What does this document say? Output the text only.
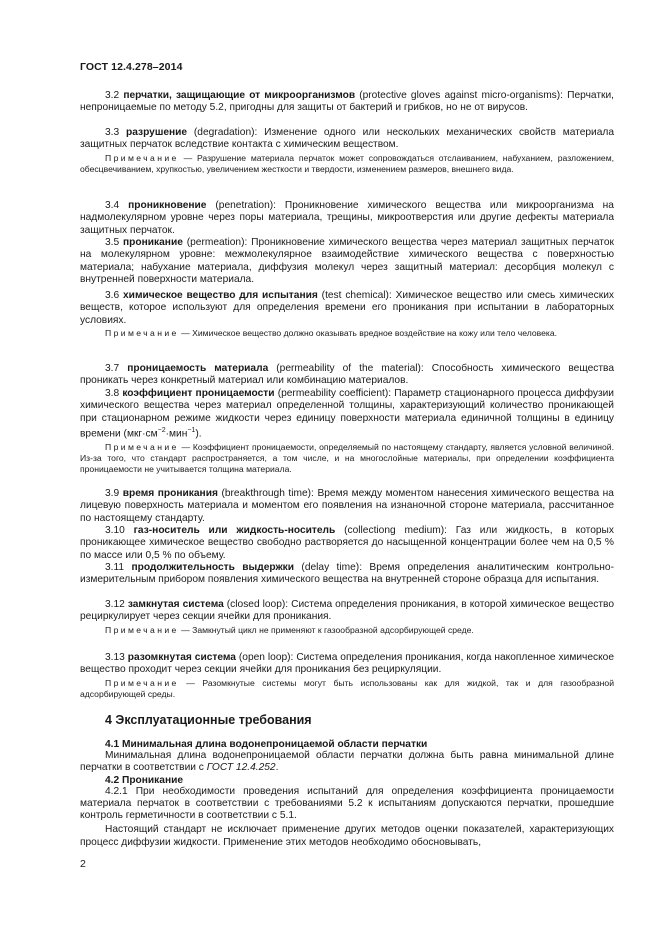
ГОСТ 12.4.278–2014

3.2 перчатки, защищающие от микроорганизмов (protective gloves against micro-organisms): Перчатки, непроницаемые по методу 5.2, пригодны для защиты от бактерий и грибков, но не от вирусов.

3.3 разрушение (degradation): Изменение одного или нескольких механических свойств материала защитных перчаток вследствие контакта с химическим веществом.

Примечание — Разрушение материала перчаток может сопровождаться отслаиванием, набуханием, разложением, обесцвечиванием, хрупкостью, увеличением жесткости и твердости, изменением размеров, внешнего вида.

3.4 проникновение (penetration): Проникновение химического вещества или микроорганизма на надмолекулярном уровне через поры материала, трещины, микроотверстия или другие дефекты материала защитных перчаток.

3.5 проникание (permeation): Проникновение химического вещества через материал защитных перчаток на молекулярном уровне: межмолекулярное взаимодействие химического вещества с поверхностью материала; набухание материала, диффузия молекул через защитный материал: десорбция молекул с внутренней поверхности материала.

3.6 химическое вещество для испытания (test chemical): Химическое вещество или смесь химических веществ, которое используют для определения времени его проникания при испытании в лабораторных условиях.

Примечание — Химическое вещество должно оказывать вредное воздействие на кожу или тело человека.

3.7 проницаемость материала (permeability of the material): Способность химического вещества проникать через конкретный материал или комбинацию материалов.

3.8 коэффициент проницаемости (permeability coefficient): Параметр стационарного процесса диффузии химического вещества через материал определенной толщины, характеризующий количество проникающей при стационарном режиме жидкости через единицу поверхности материала единичной толщины в единицу времени $(мкг\cdot см^{-2}\cdot мин^{-1})$.

Примечание — Коэффициент проницаемости, определяемый по настоящему стандарту, является условной величиной. Из-за того, что стандарт распространяется, а том числе, и на многослойные материалы, при определении коэффициента проницаемости не учитывается толщина материала.

3.9 время проникания (breakthrough time): Время между моментом нанесения химического вещества на лицевую поверхность материала и моментом его появления на изнаночной стороне материала, рассчитанное по настоящему стандарту.

3.10 газ-носитель или жидкость-носитель (collectiong medium): Газ или жидкость, в которых проникающее химическое вещество свободно растворяется до насыщенной концентрации более чем на 0,5 % по массе или 0,5 % по объему.

3.11 продолжительность выдержки (delay time): Время определения аналитическим контрольно-измерительным прибором появления химического вещества на внутренней стороне образца для испытания.

3.12 замкнутая система (closed loop): Система определения проникания, в которой химическое вещество рециркулирует через секции ячейки для проникания.

Примечание — Замкнутый цикл не применяют к газообразной адсорбирующей среде.

3.13 разомкнутая система (open loop): Система определения проникания, когда накопленное химическое вещество проходит через секции ячейки для проникания без рециркуляции.

Примечание — Разомкнутые системы могут быть использованы как для жидкой, так и для газообразной адсорбирующей среды.

4 Эксплуатационные требования

4.1 Минимальная длина водонепроницаемой области перчатки

Минимальная длина водонепроницаемой области перчатки должна быть равна минимальной длине перчатки в соответствии с ГОСТ 12.4.252.

4.2 Проникание

4.2.1 При необходимости проведения испытаний для определения коэффициента проницаемости материала перчаток в соответствии с требованиями 5.2 к испытаниям допускаются перчатки, прошедшие контроль герметичности в соответствии с 5.1.

Настоящий стандарт не исключает применение других методов оценки показателей, характеризующих процесс диффузии жидкости. Применение этих методов необходимо обосновывать,

2
